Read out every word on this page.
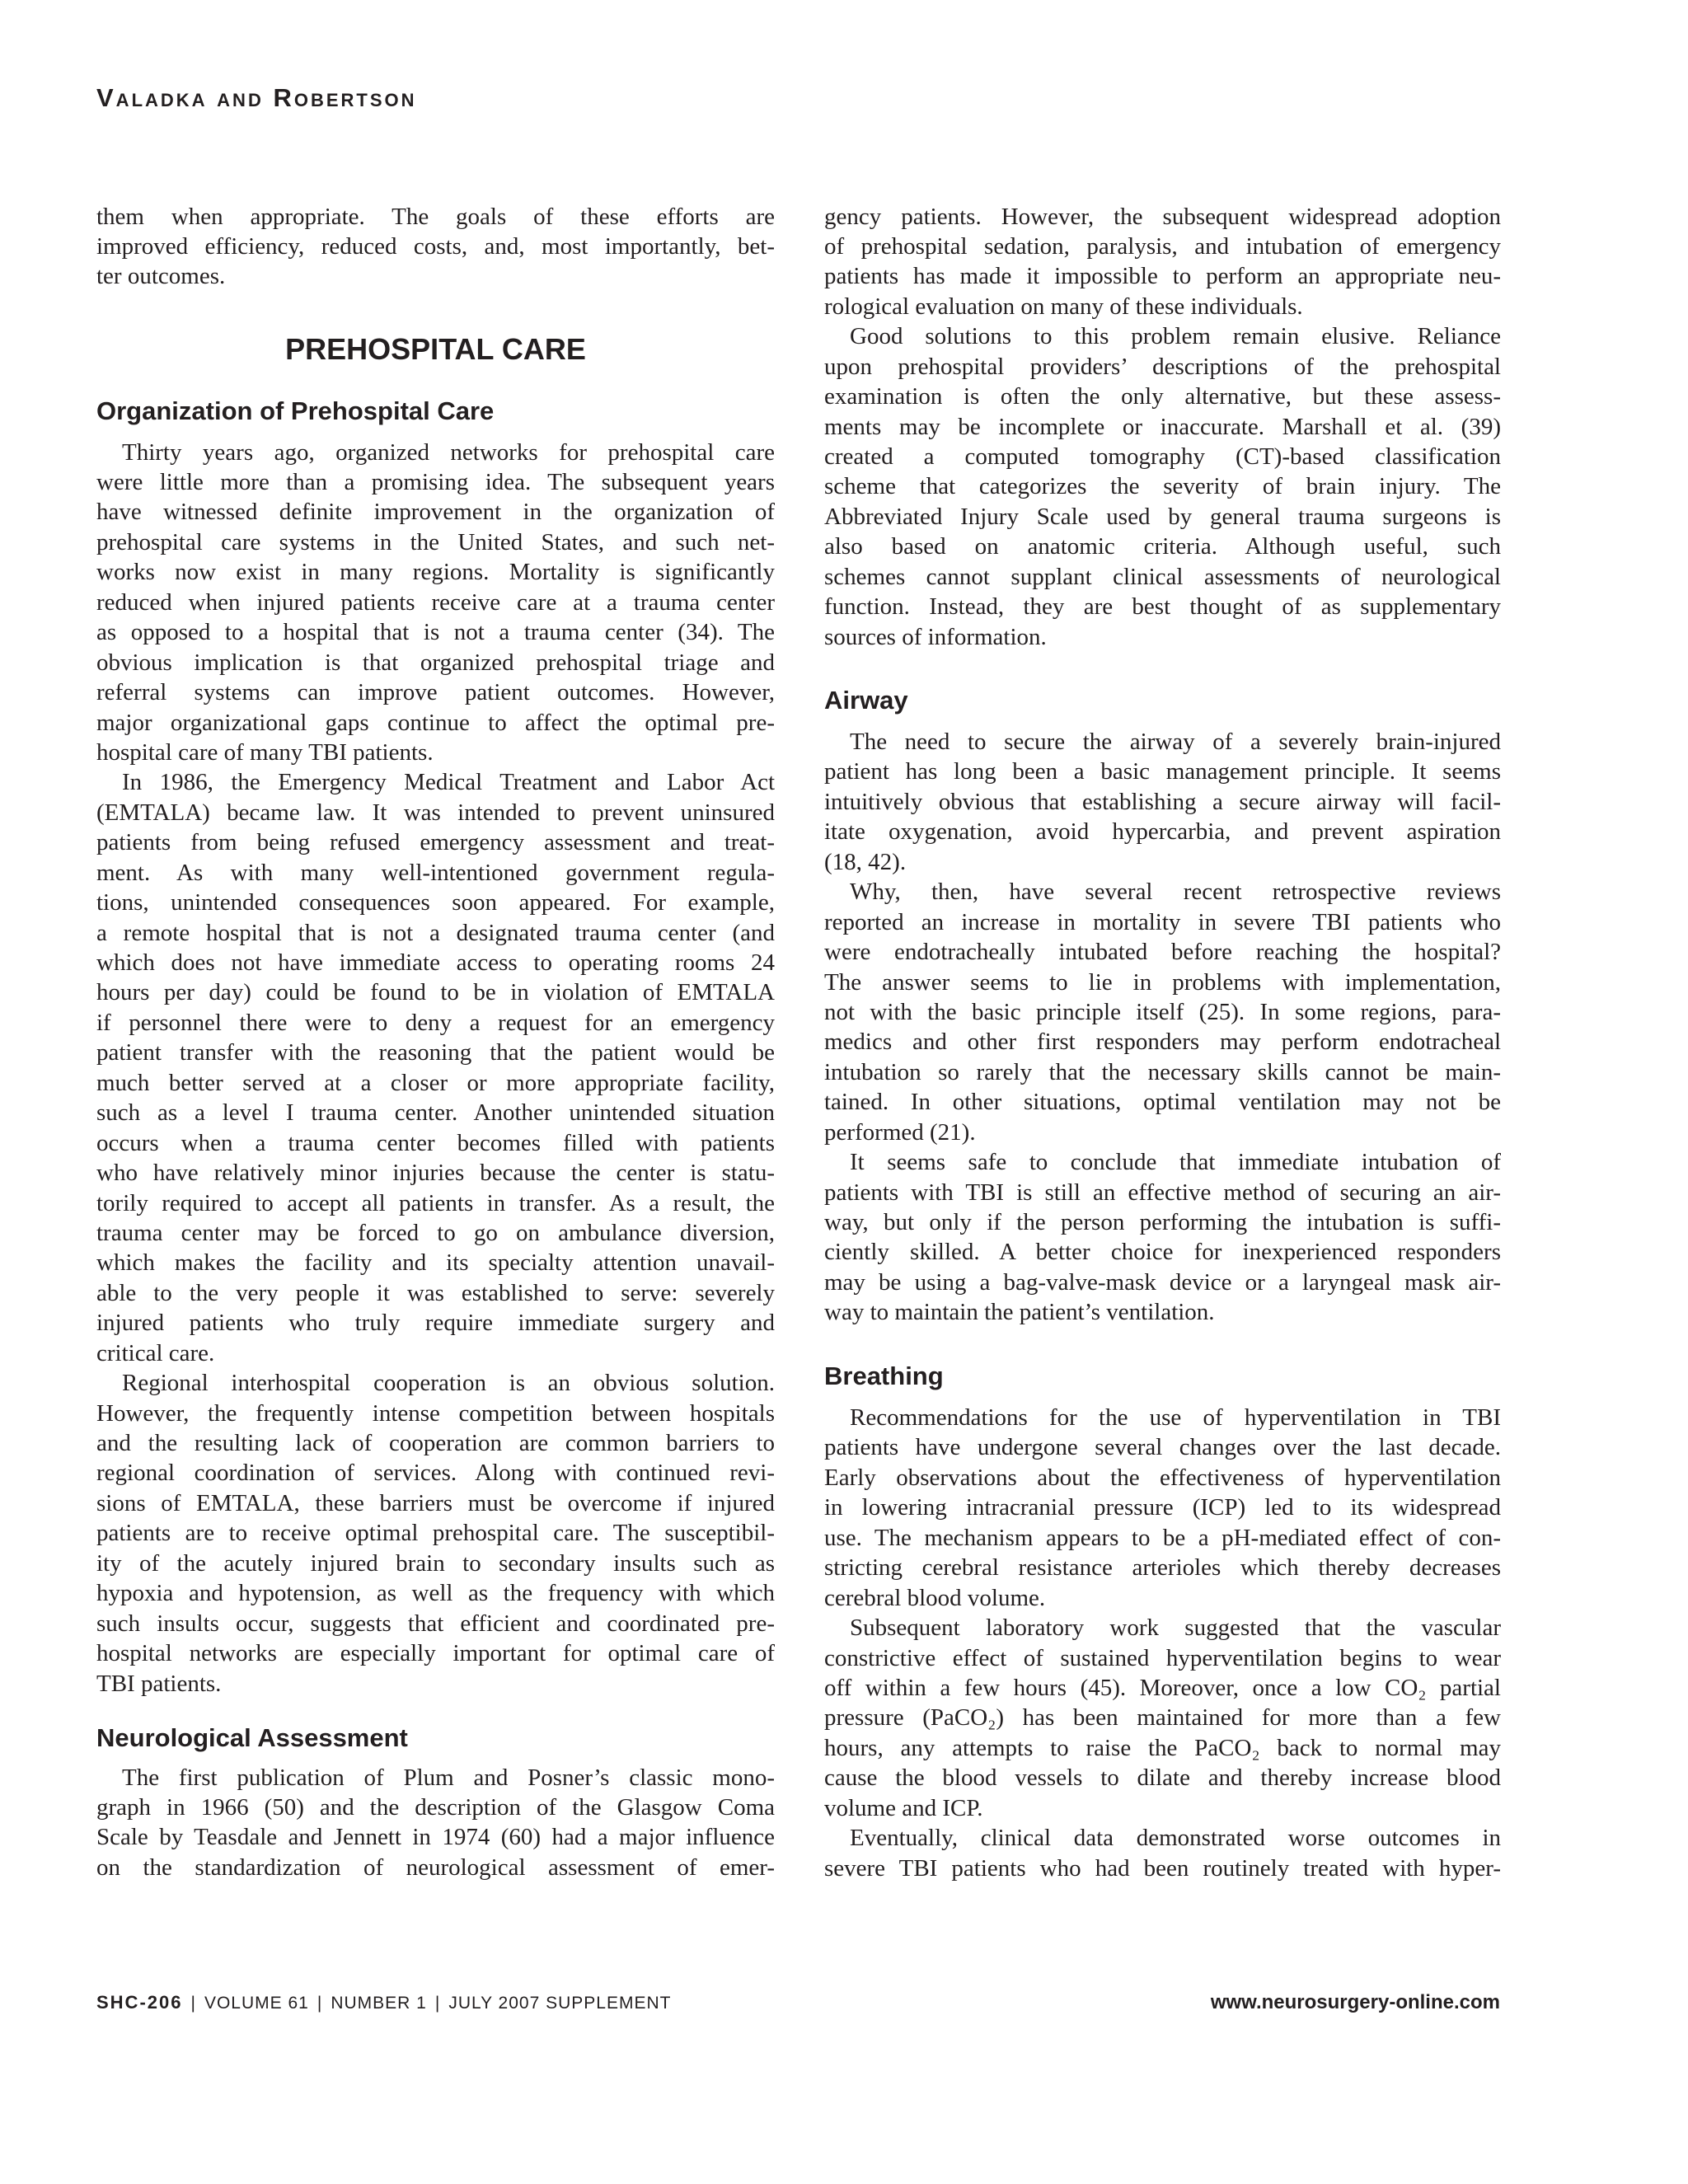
Valadka and Robertson
them when appropriate. The goals of these efforts are
improved efficiency, reduced costs, and, most importantly, bet-
ter outcomes.
PREHOSPITAL CARE
Organization of Prehospital Care
Thirty years ago, organized networks for prehospital care
were little more than a promising idea. The subsequent years
have witnessed definite improvement in the organization of
prehospital care systems in the United States, and such net-
works now exist in many regions. Mortality is significantly
reduced when injured patients receive care at a trauma center
as opposed to a hospital that is not a trauma center (34). The
obvious implication is that organized prehospital triage and
referral systems can improve patient outcomes. However,
major organizational gaps continue to affect the optimal pre-
hospital care of many TBI patients.
In 1986, the Emergency Medical Treatment and Labor Act
(EMTALA) became law. It was intended to prevent uninsured
patients from being refused emergency assessment and treat-
ment. As with many well-intentioned government regula-
tions, unintended consequences soon appeared. For example,
a remote hospital that is not a designated trauma center (and
which does not have immediate access to operating rooms 24
hours per day) could be found to be in violation of EMTALA
if personnel there were to deny a request for an emergency
patient transfer with the reasoning that the patient would be
much better served at a closer or more appropriate facility,
such as a level I trauma center. Another unintended situation
occurs when a trauma center becomes filled with patients
who have relatively minor injuries because the center is statu-
torily required to accept all patients in transfer. As a result, the
trauma center may be forced to go on ambulance diversion,
which makes the facility and its specialty attention unavail-
able to the very people it was established to serve: severely
injured patients who truly require immediate surgery and
critical care.
Regional interhospital cooperation is an obvious solution.
However, the frequently intense competition between hospitals
and the resulting lack of cooperation are common barriers to
regional coordination of services. Along with continued revi-
sions of EMTALA, these barriers must be overcome if injured
patients are to receive optimal prehospital care. The susceptibil-
ity of the acutely injured brain to secondary insults such as
hypoxia and hypotension, as well as the frequency with which
such insults occur, suggests that efficient and coordinated pre-
hospital networks are especially important for optimal care of
TBI patients.
Neurological Assessment
The first publication of Plum and Posner’s classic mono-
graph in 1966 (50) and the description of the Glasgow Coma
Scale by Teasdale and Jennett in 1974 (60) had a major influence
on the standardization of neurological assessment of emer-
gency patients. However, the subsequent widespread adoption
of prehospital sedation, paralysis, and intubation of emergency
patients has made it impossible to perform an appropriate neu-
rological evaluation on many of these individuals.
Good solutions to this problem remain elusive. Reliance
upon prehospital providers’ descriptions of the prehospital
examination is often the only alternative, but these assess-
ments may be incomplete or inaccurate. Marshall et al. (39)
created a computed tomography (CT)-based classification
scheme that categorizes the severity of brain injury. The
Abbreviated Injury Scale used by general trauma surgeons is
also based on anatomic criteria. Although useful, such
schemes cannot supplant clinical assessments of neurological
function. Instead, they are best thought of as supplementary
sources of information.
Airway
The need to secure the airway of a severely brain-injured
patient has long been a basic management principle. It seems
intuitively obvious that establishing a secure airway will facil-
itate oxygenation, avoid hypercarbia, and prevent aspiration
(18, 42).
Why, then, have several recent retrospective reviews
reported an increase in mortality in severe TBI patients who
were endotracheally intubated before reaching the hospital?
The answer seems to lie in problems with implementation,
not with the basic principle itself (25). In some regions, para-
medics and other first responders may perform endotracheal
intubation so rarely that the necessary skills cannot be main-
tained. In other situations, optimal ventilation may not be
performed (21).
It seems safe to conclude that immediate intubation of
patients with TBI is still an effective method of securing an air-
way, but only if the person performing the intubation is suffi-
ciently skilled. A better choice for inexperienced responders
may be using a bag-valve-mask device or a laryngeal mask air-
way to maintain the patient’s ventilation.
Breathing
Recommendations for the use of hyperventilation in TBI
patients have undergone several changes over the last decade.
Early observations about the effectiveness of hyperventilation
in lowering intracranial pressure (ICP) led to its widespread
use. The mechanism appears to be a pH-mediated effect of con-
stricting cerebral resistance arterioles which thereby decreases
cerebral blood volume.
Subsequent laboratory work suggested that the vascular
constrictive effect of sustained hyperventilation begins to wear
off within a few hours (45). Moreover, once a low CO₂ partial
pressure (PaCO₂) has been maintained for more than a few
hours, any attempts to raise the PaCO₂ back to normal may
cause the blood vessels to dilate and thereby increase blood
volume and ICP.
Eventually, clinical data demonstrated worse outcomes in
severe TBI patients who had been routinely treated with hyper-
SHC-206 | VOLUME 61 | NUMBER 1 | JULY 2007 SUPPLEMENT	www.neurosurgery-online.com
